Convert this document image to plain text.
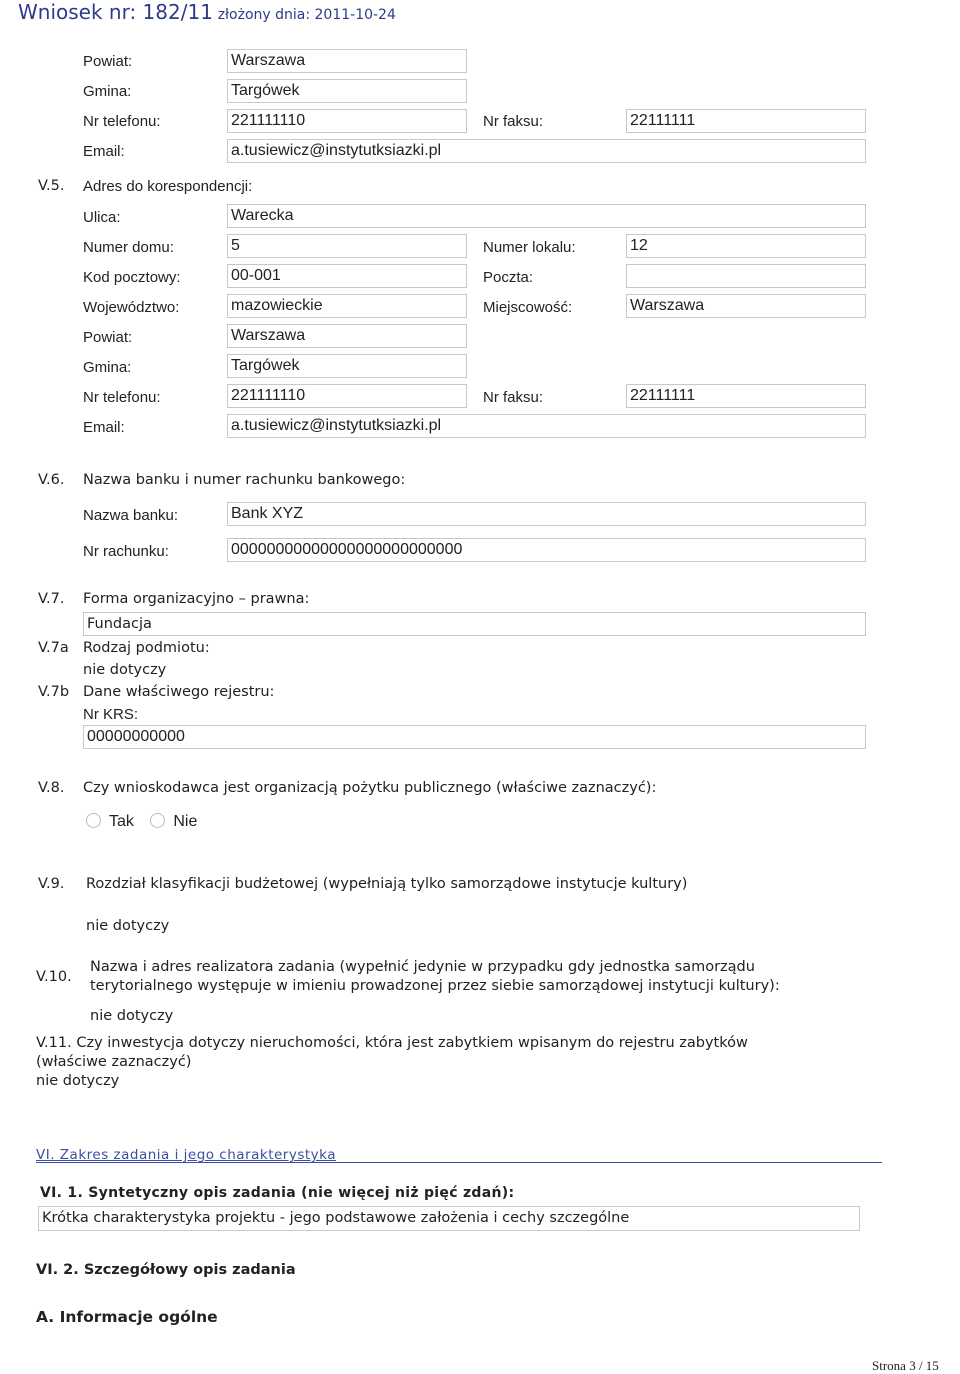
Wniosek nr: 182/11 złożony dnia: 2011-10-24
Powiat:	Warszawa
Gmina:	Targówek
Nr telefonu:	221111110	Nr faksu:	22111111
Email:	a.tusiewicz@instytutksiazki.pl
V.5. Adres do korespondencji:
Ulica:	Warecka
Numer domu:	5	Numer lokalu:	12
Kod pocztowy:	00-001	Poczta:
Województwo:	mazowieckie	Miejscowość:	Warszawa
Powiat:	Warszawa
Gmina:	Targówek
Nr telefonu:	221111110	Nr faksu:	22111111
Email:	a.tusiewicz@instytutksiazki.pl
V.6. Nazwa banku i numer rachunku bankowego:
Nazwa banku:	Bank XYZ
Nr rachunku:	00000000000000000000000000
V.7. Forma organizacyjno – prawna:
Fundacja
V.7a Rodzaj podmiotu:
nie dotyczy
V.7b Dane właściwego rejestru:
Nr KRS:
00000000000
V.8. Czy wnioskodawca jest organizacją pożytku publicznego (właściwe zaznaczyć):
Tak Nie
V.9. Rozdział klasyfikacji budżetowej (wypełniają tylko samorządowe instytucje kultury)
nie dotyczy
V.10.
Nazwa i adres realizatora zadania (wypełnić jedynie w przypadku gdy jednostka samorządu
terytorialnego występuje w imieniu prowadzonej przez siebie samorządowej instytucji kultury):
nie dotyczy
V.11. Czy inwestycja dotyczy nieruchomości, która jest zabytkiem wpisanym do rejestru zabytków
(właściwe zaznaczyć)
nie dotyczy
VI. Zakres zadania i jego charakterystyka
VI. 1. Syntetyczny opis zadania (nie więcej niż pięć zdań):
Krótka charakterystyka projektu - jego podstawowe założenia i cechy szczególne
VI. 2. Szczegółowy opis zadania
A. Informacje ogólne
Strona 3 / 15
